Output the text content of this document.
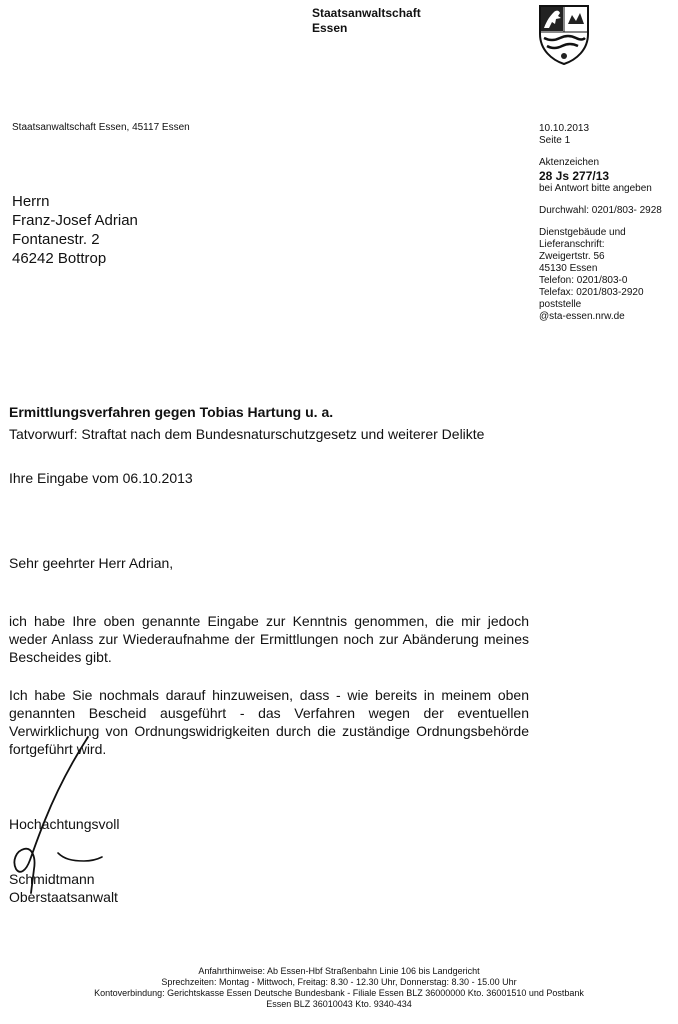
Staatsanwaltschaft
Essen
Staatsanwaltschaft Essen, 45117 Essen
Herrn
Franz-Josef Adrian
Fontanestr. 2
46242 Bottrop
10.10.2013
Seite 1
Aktenzeichen
28 Js 277/13
bei Antwort bitte angeben
Durchwahl: 0201/803- 2928
Dienstgebäude und
Lieferanschrift:
Zweigertstr. 56
45130 Essen
Telefon: 0201/803-0
Telefax: 0201/803-2920
poststelle
@sta-essen.nrw.de
Ermittlungsverfahren gegen Tobias Hartung u. a.
Tatvorwurf: Straftat nach dem Bundesnaturschutzgesetz und weiterer Delikte
Ihre Eingabe vom 06.10.2013
Sehr geehrter Herr Adrian,
ich habe Ihre oben genannte Eingabe zur Kenntnis genommen, die mir jedoch weder Anlass zur Wiederaufnahme der Ermittlungen noch zur Abänderung meines Bescheides gibt.
Ich habe Sie nochmals darauf hinzuweisen, dass - wie bereits in meinem oben genannten Bescheid ausgeführt - das Verfahren wegen der eventuellen Verwirklichung von Ordnungswidrigkeiten durch die zuständige Ordnungsbehörde fortgeführt wird.
Hochachtungsvoll
Schmidtmann
Oberstaatsanwalt
Anfahrthinweise: Ab Essen-Hbf Straßenbahn Linie 106 bis Landgericht
Sprechzeiten: Montag - Mittwoch, Freitag: 8.30 - 12.30 Uhr, Donnerstag: 8.30 - 15.00 Uhr
Kontoverbindung: Gerichtskasse Essen Deutsche Bundesbank - Filiale Essen BLZ 36000000 Kto. 36001510 und Postbank
Essen BLZ 36010043 Kto. 9340-434
